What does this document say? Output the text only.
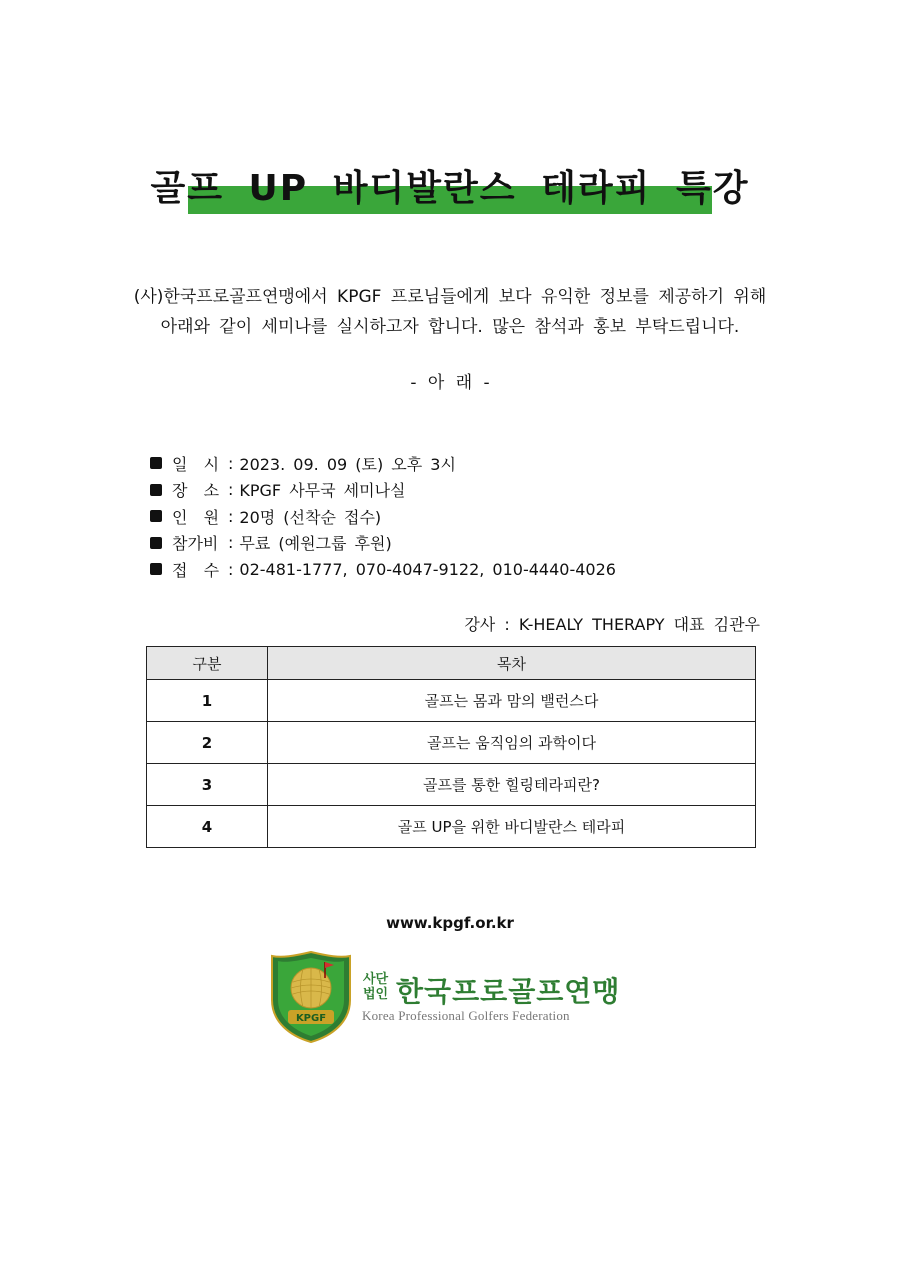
골프 UP 바디발란스 테라피 특강
(사)한국프로골프연맹에서 KPGF 프로님들에게 보다 유익한 정보를 제공하기 위해
아래와 같이 세미나를 실시하고자 합니다. 많은 참석과 홍보 부탁드립니다.
- 아 래 -
일  시 : 2023. 09. 09 (토) 오후 3시
장  소 : KPGF 사무국 세미나실
인  원 : 20명 (선착순 접수)
참가비 : 무료 (예원그룹 후원)
접  수 : 02-481-1777, 070-4047-9122, 010-4440-4026
강사 : K-HEALY THERAPY 대표 김관우
구분	목차
1	골프는 몸과 맘의 밸런스다
2	골프는 움직임의 과학이다
3	골프를 통한 힐링테라피란?
4	골프 UP을 위한 바디발란스 테라피
www.kpgf.or.kr
KPGF
사단
법인 한국프로골프연맹
Korea Professional Golfers Federation
